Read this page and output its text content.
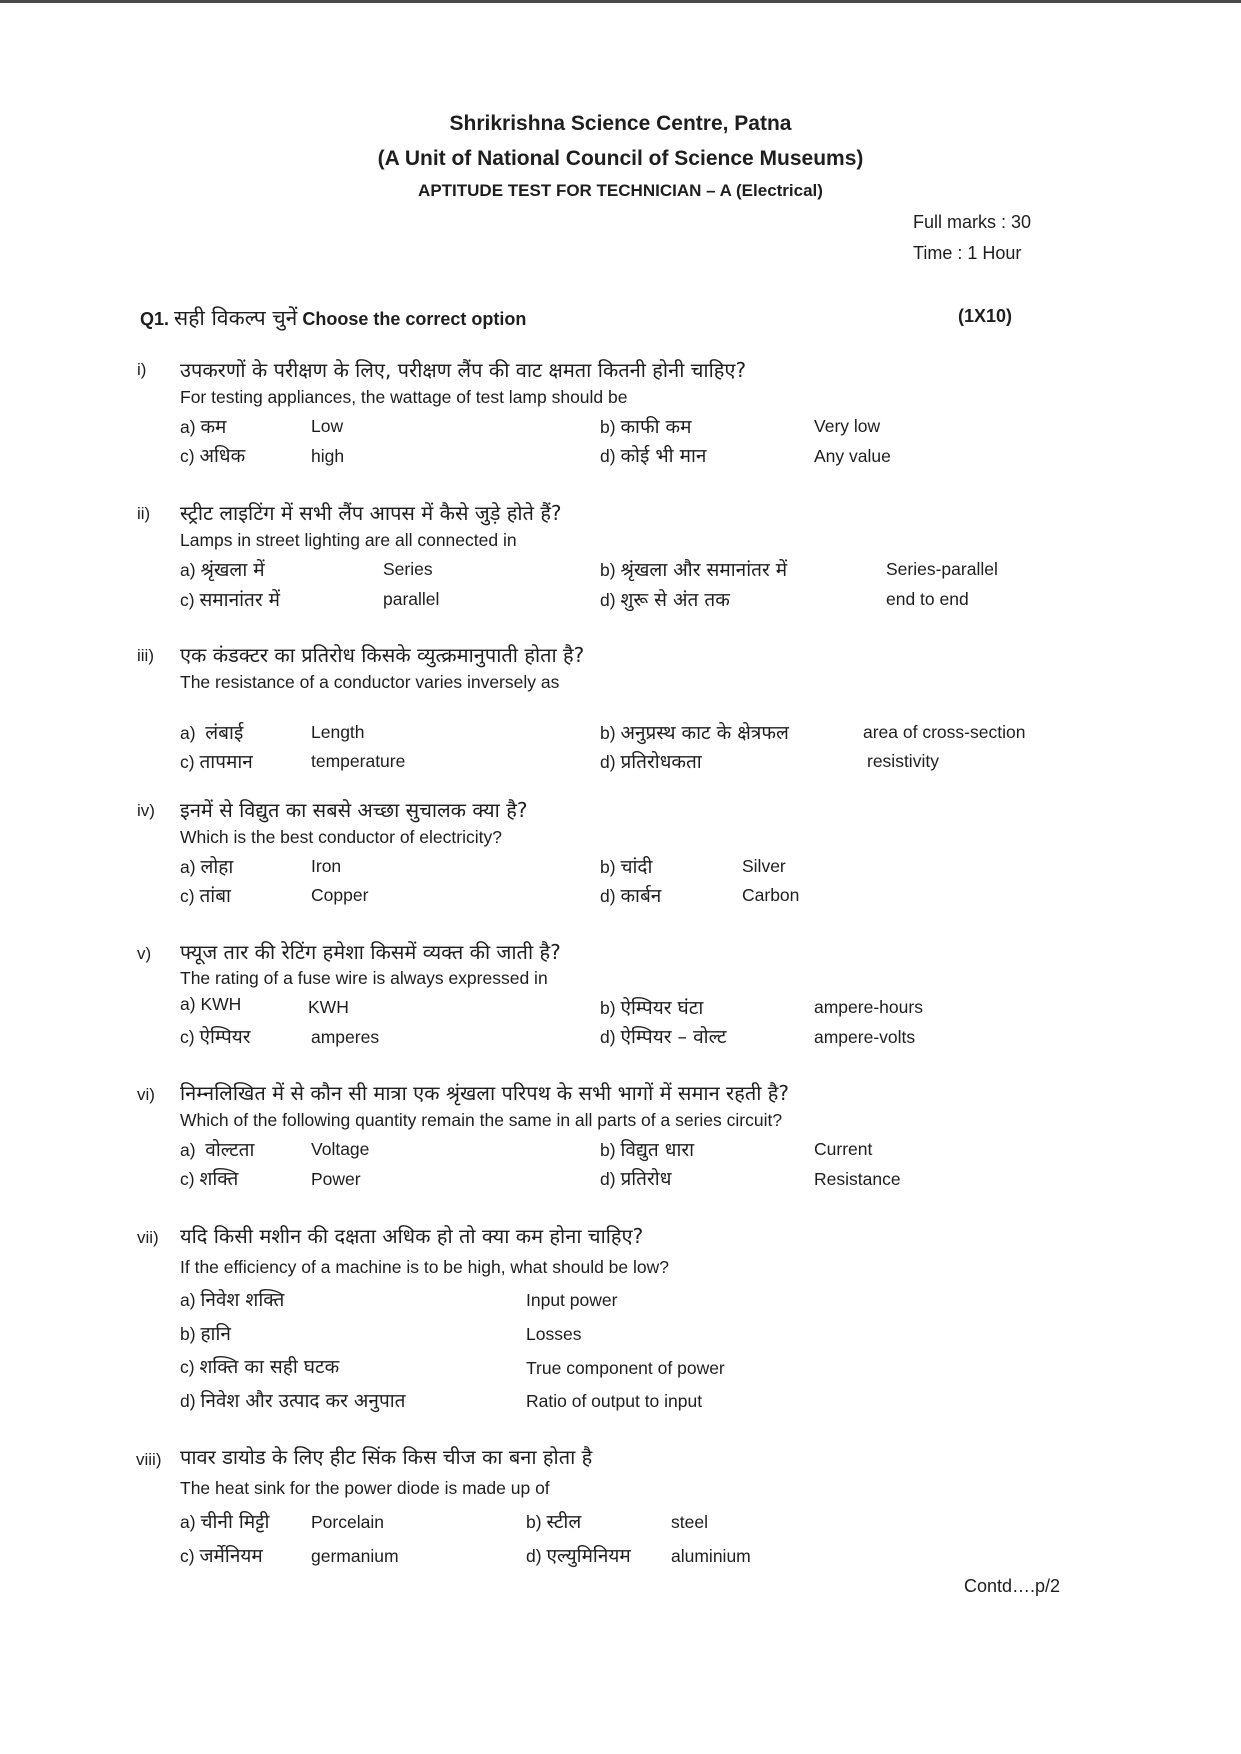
Shrikrishna Science Centre, Patna
(A Unit of National Council of Science Museums)
APTITUDE TEST FOR TECHNICIAN – A (Electrical)
Full marks : 30
Time : 1 Hour
Q1. सही विकल्प चुनें Choose the correct option	(1X10)
i) उपकरणों के परीक्षण के लिए, परीक्षण लैंप की वाट क्षमता कितनी होनी चाहिए?
For testing appliances, the wattage of test lamp should be
a) कम	Low	b) काफी कम	Very low
c) अधिक	high	d) कोई भी मान	Any value
ii) स्ट्रीट लाइटिंग में सभी लैंप आपस में कैसे जुड़े होते हैं?
Lamps in street lighting are all connected in
a) श्रृंखला में	Series	b) श्रृंखला और समानांतर में	Series-parallel
c) समानांतर में	parallel	d) शुरू से अंत तक	end to end
iii) एक कंडक्टर का प्रतिरोध किसके व्युत्क्रमानुपाती होता है?
The resistance of a conductor varies inversely as
a) लंबाई	Length	b) अनुप्रस्थ काट के क्षेत्रफल	area of cross-section
c) तापमान	temperature	d) प्रतिरोधकता	resistivity
iv) इनमें से विद्युत का सबसे अच्छा सुचालक क्या है?
Which is the best conductor of electricity?
a) लोहा	Iron	b) चांदी	Silver
c) तांबा	Copper	d) कार्बन	Carbon
v) फ्यूज तार की रेटिंग हमेशा किसमें व्यक्त की जाती है?
The rating of a fuse wire is always expressed in
a) KWH	KWH	b) ऐम्पियर घंटा	ampere-hours
c) ऐम्पियर	amperes	d) ऐम्पियर – वोल्ट	ampere-volts
vi) निम्नलिखित में से कौन सी मात्रा एक श्रृंखला परिपथ के सभी भागों में समान रहती है?
Which of the following quantity remain the same in all parts of a series circuit?
a) वोल्टता	Voltage	b) विद्युत धारा	Current
c) शक्ति	Power	d) प्रतिरोध	Resistance
vii) यदि किसी मशीन की दक्षता अधिक हो तो क्या कम होना चाहिए?
If the efficiency of a machine is to be high, what should be low?
a) निवेश शक्ति	Input power
b) हानि	Losses
c) शक्ति का सही घटक	True component of power
d) निवेश और उत्पाद कर अनुपात	Ratio of output to input
viii) पावर डायोड के लिए हीट सिंक किस चीज का बना होता है
The heat sink for the power diode is made up of
a) चीनी मिट्टी Porcelain	b) स्टील	steel
c) जर्मेनियम	germanium	d) एल्युमिनियम aluminium
Contd….p/2
